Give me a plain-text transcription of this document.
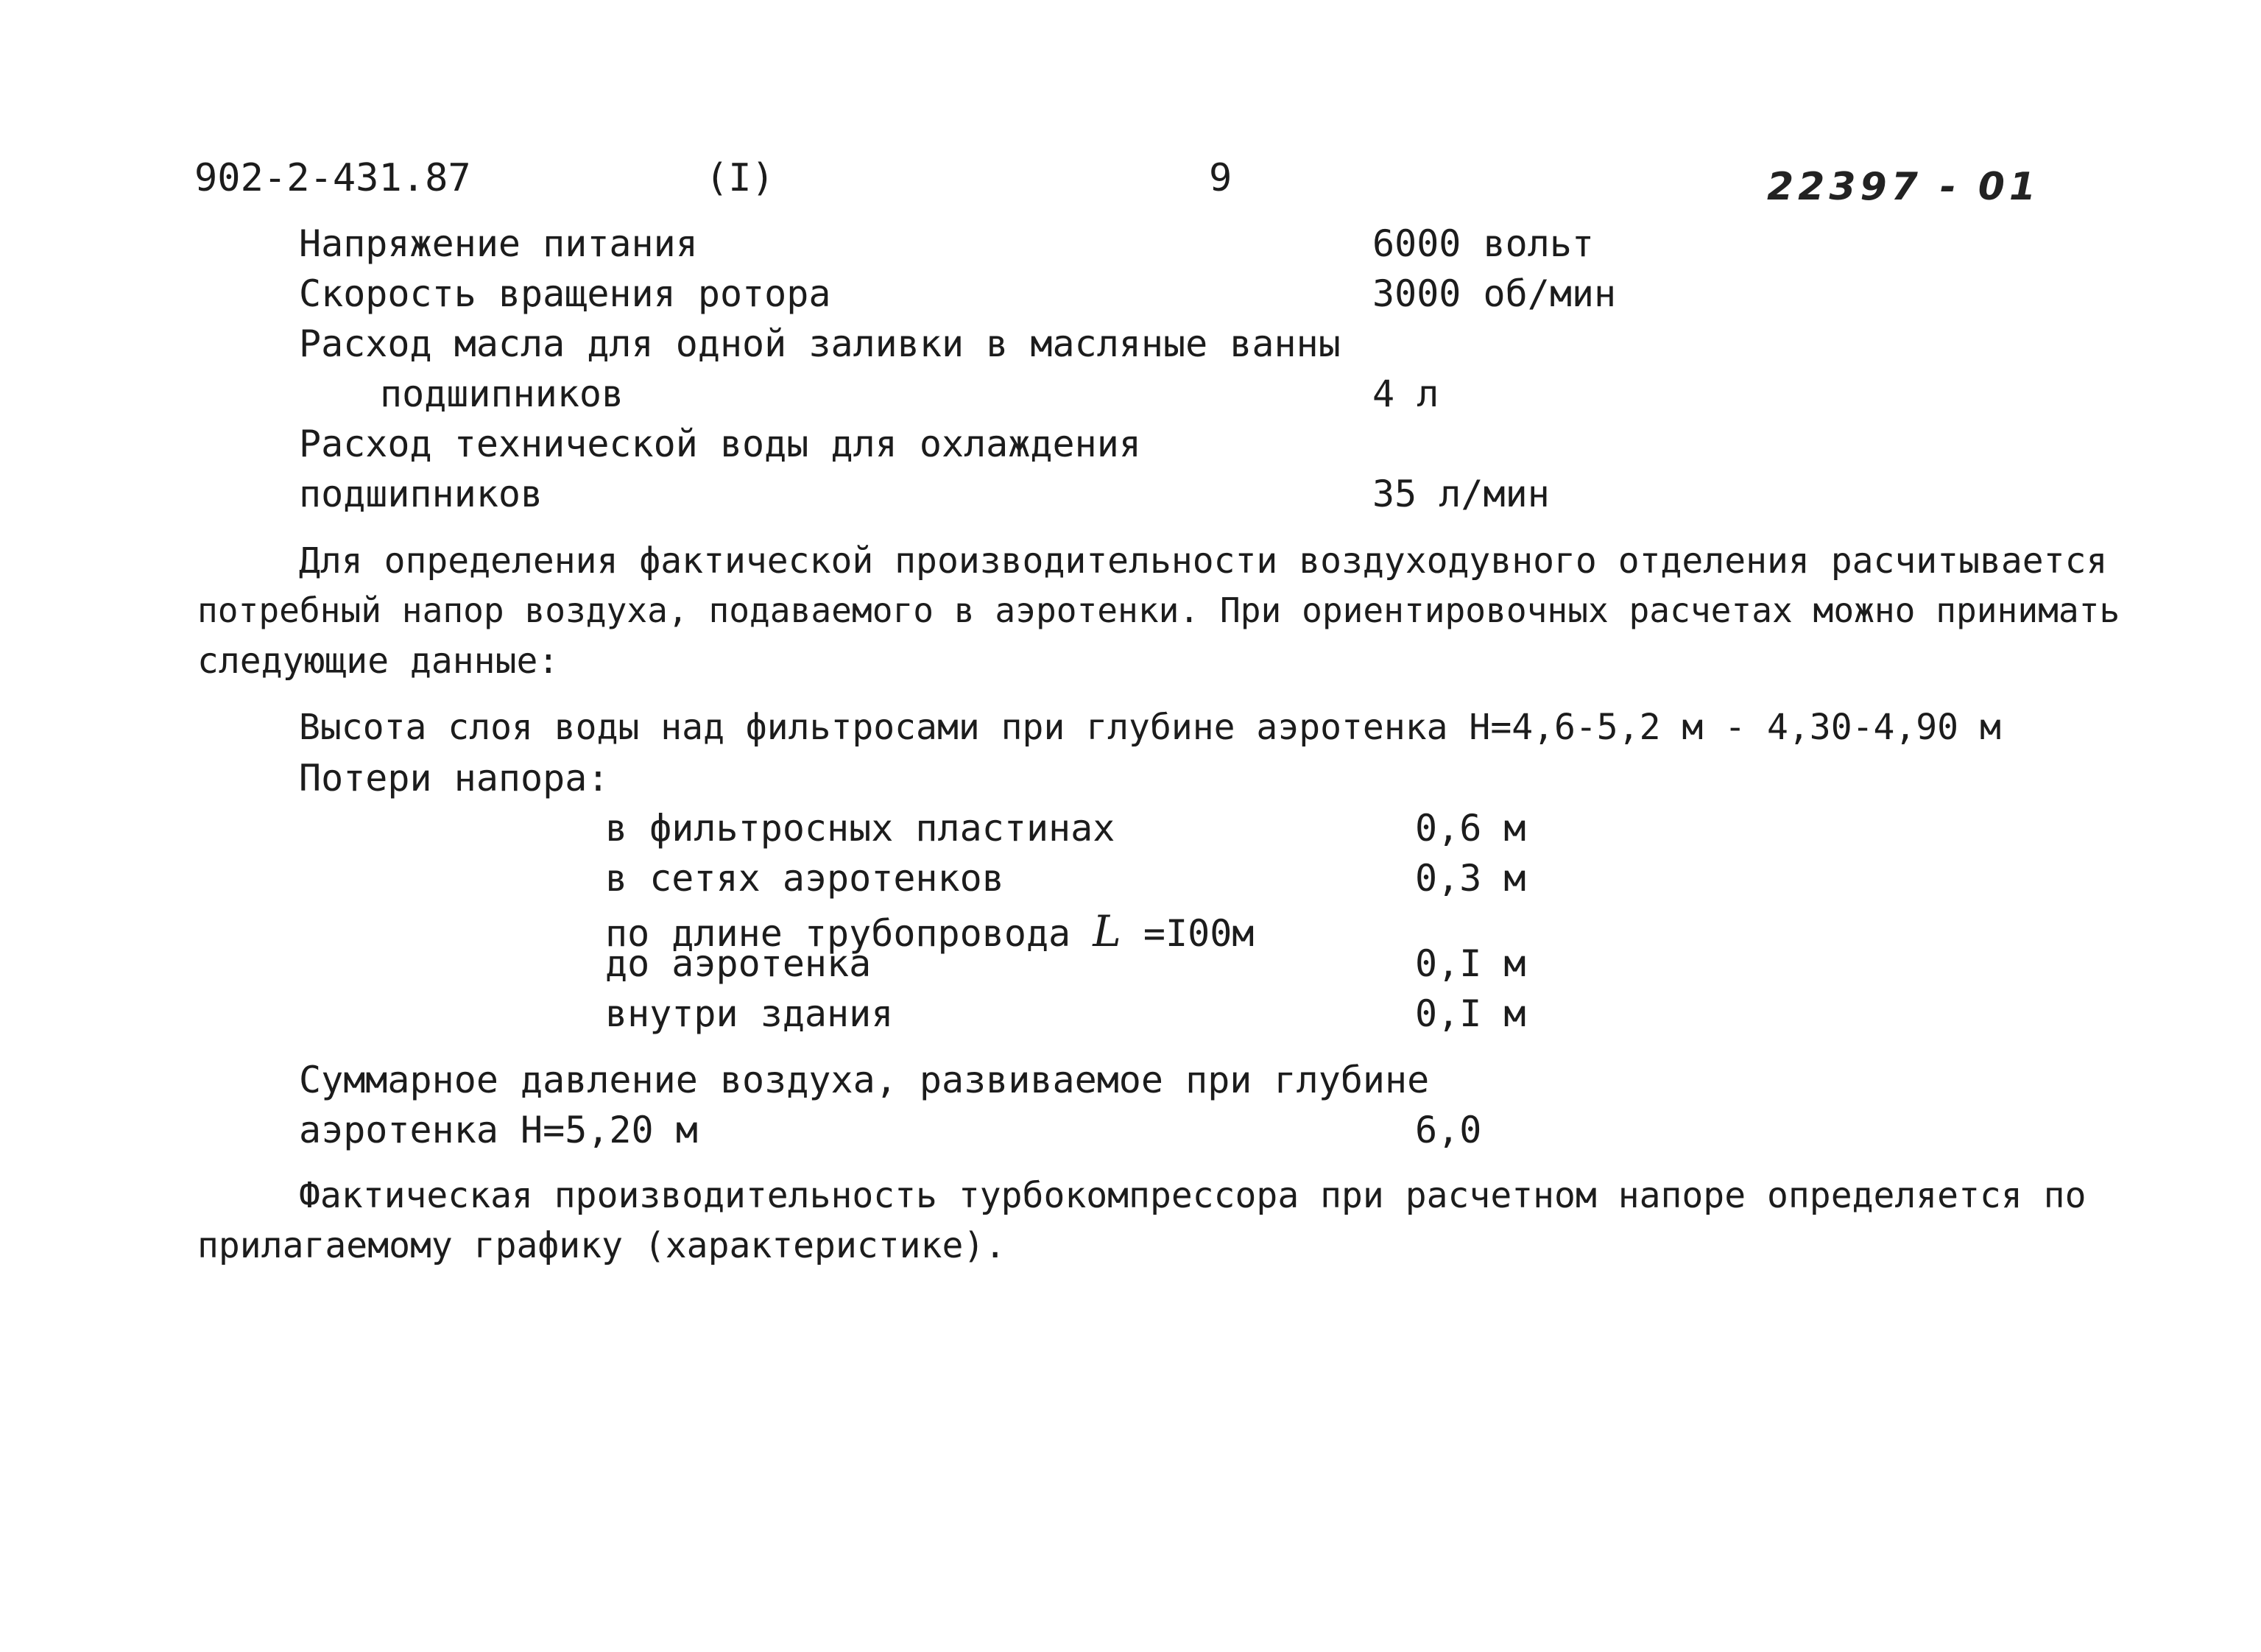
902-2-431.87	(I)	9	22397 - 01
Напряжение питания	6000 вольт
Скорость вращения ротора	3000 об/мин
Расход масла для одной заливки в масляные ванны
подшипников	4 л
Расход технической воды для охлаждения
подшипников	35 л/мин
Для определения фактической производительности воздуходувного отделения расчитывается
потребный напор воздуха, подаваемого в аэротенки. При ориентировочных расчетах можно принимать
следующие данные:
Высота слоя воды над фильтросами при глубине аэротенка Н=4,6-5,2 м - 4,30-4,90 м
Потери напора:
в фильтросных пластинах	0,6 м
в сетях аэротенков	0,3 м
по длине трубопровода L =I00м
до аэротенка	0,I м
внутри здания	0,I м
Суммарное давление воздуха, развиваемое при глубине
аэротенка Н=5,20 м	6,0
Фактическая производительность турбокомпрессора при расчетном напоре определяется по
прилагаемому графику (характеристике).
